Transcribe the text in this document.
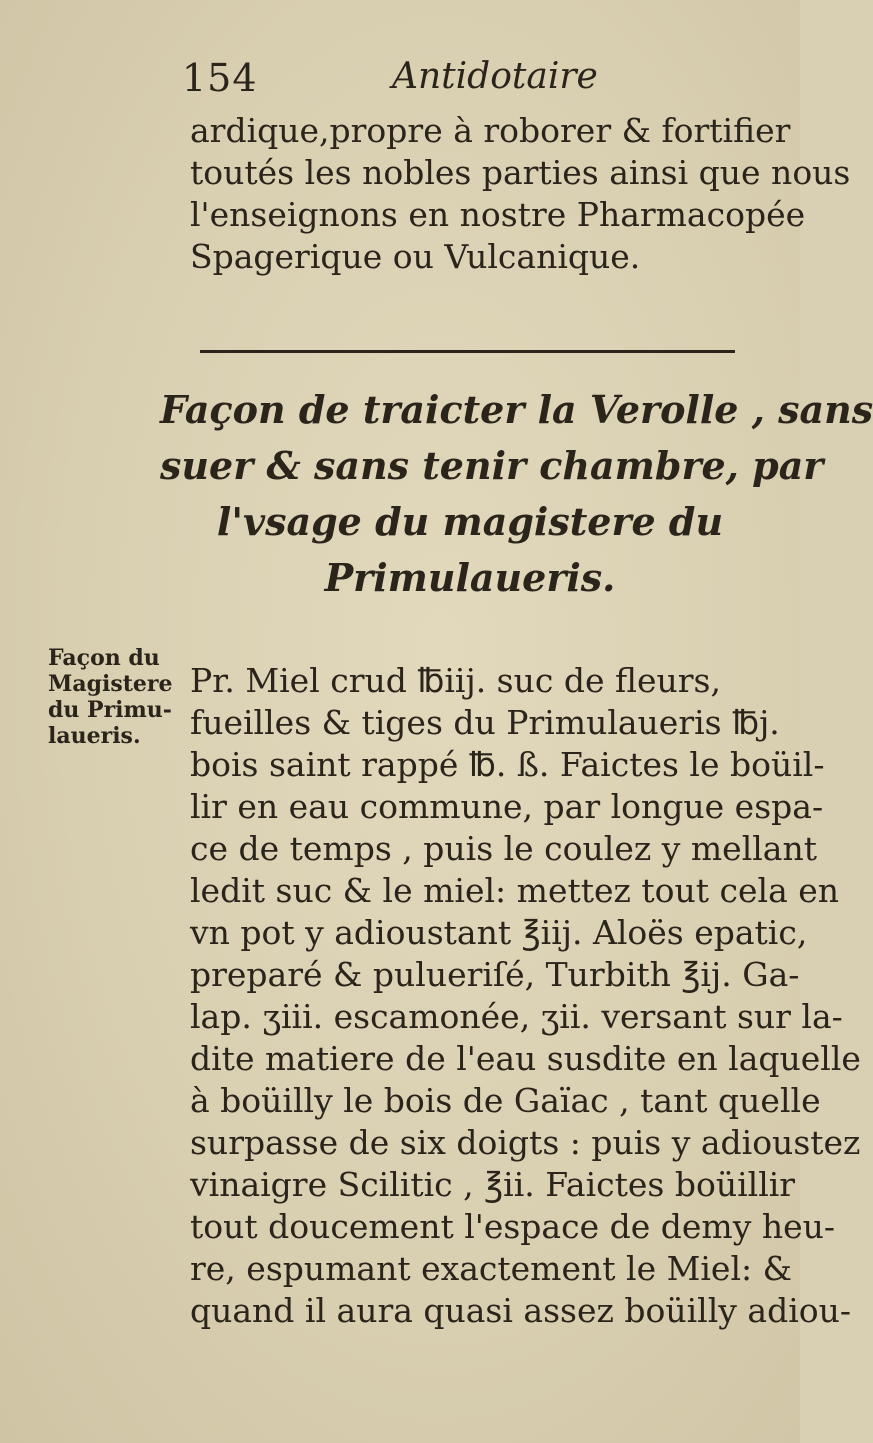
154	Antidotaire
ardique,propre à roborer & fortifier
toutés les nobles parties ainsi que nous
l'enseignons en nostre Pharmacopée
Spagerique ou Vulcanique.
Façon de traicter la Verolle , sans
suer & sans tenir chambre, par
l'vsage du magistere du
Primulaueris.
Façon du
Magistere
du Primu-
laueris.
Pr. Miel crud ℔iij. suc de fleurs,
fueilles & tiges du Primulaueris ℔j.
bois saint rappé ℔. ß. Faictes le boüil-
lir en eau commune, par longue espa-
ce de temps , puis le coulez y mellant
ledit suc & le miel: mettez tout cela en
vn pot y adioustant ℥iij. Aloës epatic,
preparé & pulueriſé, Turbith ℥ij. Ga-
lap. ʒiii. escamonée, ʒii. versant sur la-
dite matiere de l'eau susdite en laquelle
à boüilly le bois de Gaïac , tant quelle
surpasse de six doigts : puis y adioustez
vinaigre Scilitic , ℥ii. Faictes boüillir
tout doucement l'espace de demy heu-
re, espumant exactement le Miel: &
quand il aura quasi assez boüilly adiou-
